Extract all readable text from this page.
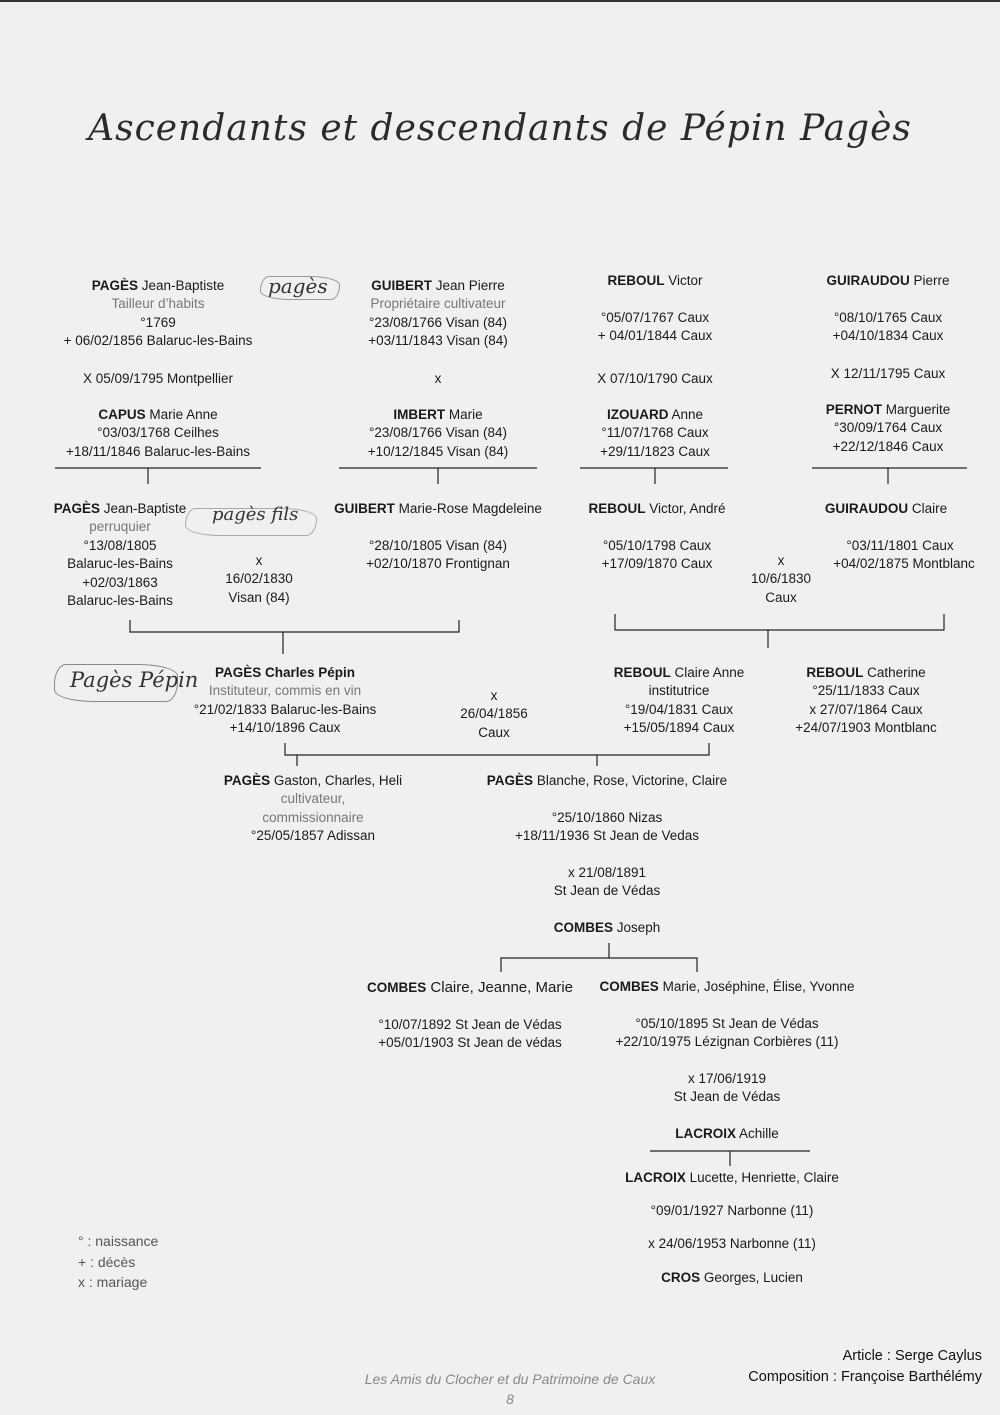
Ascendants et descendants de Pépin Pagès
pagès
pagès fils
Pagès Pépin
PAGÈS Jean-Baptiste
Tailleur d’habits
°1769
+ 06/02/1856 Balaruc-les-Bains
GUIBERT Jean Pierre
Propriétaire cultivateur
°23/08/1766 Visan (84)
+03/11/1843 Visan (84)
REBOUL Victor

°05/07/1767 Caux
+ 04/01/1844 Caux
GUIRAUDOU Pierre

°08/10/1765 Caux
+04/10/1834 Caux
X 05/09/1795 Montpellier	x	X 07/10/1790 Caux	X 12/11/1795 Caux
CAPUS Marie Anne
°03/03/1768 Ceilhes
+18/11/1846 Balaruc-les-Bains
IMBERT Marie
°23/08/1766 Visan (84)
+10/12/1845 Visan (84)
IZOUARD Anne
°11/07/1768 Caux
+29/11/1823 Caux
PERNOT Marguerite
°30/09/1764 Caux
+22/12/1846 Caux
PAGÈS Jean-Baptiste
perruquier
°13/08/1805
Balaruc-les-Bains
+02/03/1863
Balaruc-les-Bains
x
16/02/1830
Visan (84)
GUIBERT Marie-Rose Magdeleine

°28/10/1805 Visan (84)
+02/10/1870 Frontignan
REBOUL Victor, André

°05/10/1798 Caux
+17/09/1870 Caux	x
10/6/1830
Caux
GUIRAUDOU Claire

°03/11/1801 Caux
+04/02/1875 Montblanc
PAGÈS Charles Pépin
Instituteur, commis en vin
°21/02/1833 Balaruc-les-Bains
+14/10/1896 Caux
x
26/04/1856
Caux
REBOUL Claire Anne
institutrice
°19/04/1831 Caux
+15/05/1894 Caux
REBOUL Catherine
°25/11/1833 Caux
x 27/07/1864 Caux
+24/07/1903 Montblanc
PAGÈS Gaston, Charles, Heli
cultivateur,
commissionnaire
°25/05/1857 Adissan
PAGÈS Blanche, Rose, Victorine, Claire

°25/10/1860 Nizas
+18/11/1936 St Jean de Vedas

x 21/08/1891
St Jean de Védas

COMBES Joseph
COMBES Claire, Jeanne, Marie

°10/07/1892 St Jean de Védas
+05/01/1903 St Jean de védas
COMBES Marie, Joséphine, Élise, Yvonne

°05/10/1895 St Jean de Védas
+22/10/1975 Lézignan Corbières (11)

x 17/06/1919
St Jean de Védas

LACROIX Achille
LACROIX Lucette, Henriette, Claire

°09/01/1927 Narbonne (11)

x 24/06/1953 Narbonne (11)

CROS Georges, Lucien
° : naissance
+ : décès
x : mariage
Article : Serge Caylus
Composition : Françoise Barthélémy
Les Amis du Clocher et du Patrimoine de Caux
8
